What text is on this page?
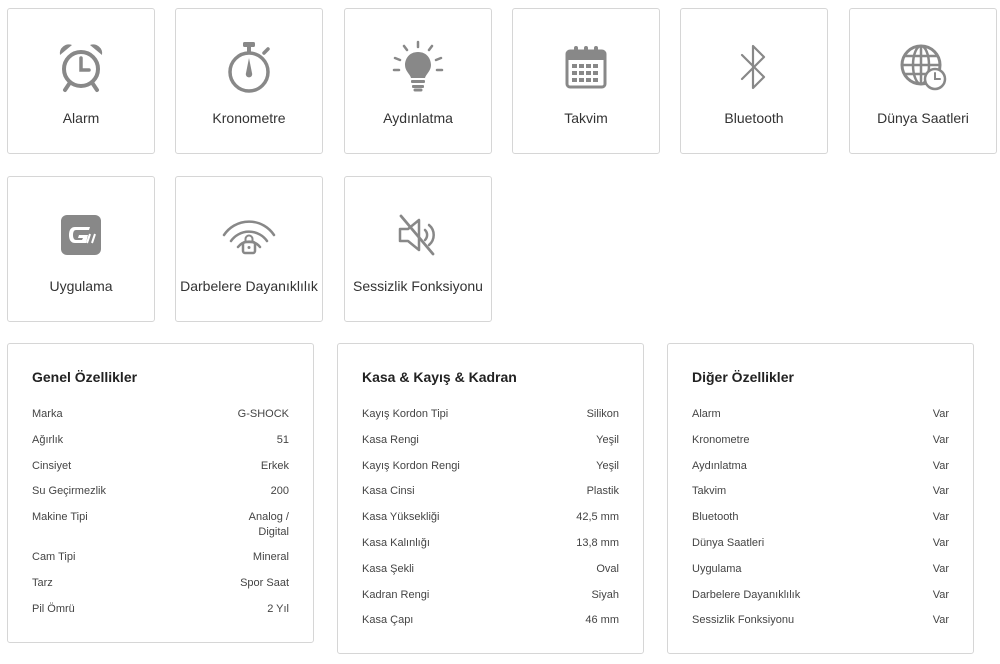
Alarm	Kronometre	Aydınlatma	Takvim	Bluetooth	Dünya Saatleri
Uygulama	Darbelere Dayanıklılık	Sessizlik Fonksiyonu
Genel Özellikler
Marka	G-SHOCK
Ağırlık	51
Cinsiyet	Erkek
Su Geçirmezlik	200
Makine Tipi	Analog / Digital
Cam Tipi	Mineral
Tarz	Spor Saat
Pil Ömrü	2 Yıl
Kasa & Kayış & Kadran
Kayış Kordon Tipi	Silikon
Kasa Rengi	Yeşil
Kayış Kordon Rengi	Yeşil
Kasa Cinsi	Plastik
Kasa Yüksekliği	42,5 mm
Kasa Kalınlığı	13,8 mm
Kasa Şekli	Oval
Kadran Rengi	Siyah
Kasa Çapı	46 mm
Diğer Özellikler
Alarm	Var
Kronometre	Var
Aydınlatma	Var
Takvim	Var
Bluetooth	Var
Dünya Saatleri	Var
Uygulama	Var
Darbelere Dayanıklılık	Var
Sessizlik Fonksiyonu	Var
